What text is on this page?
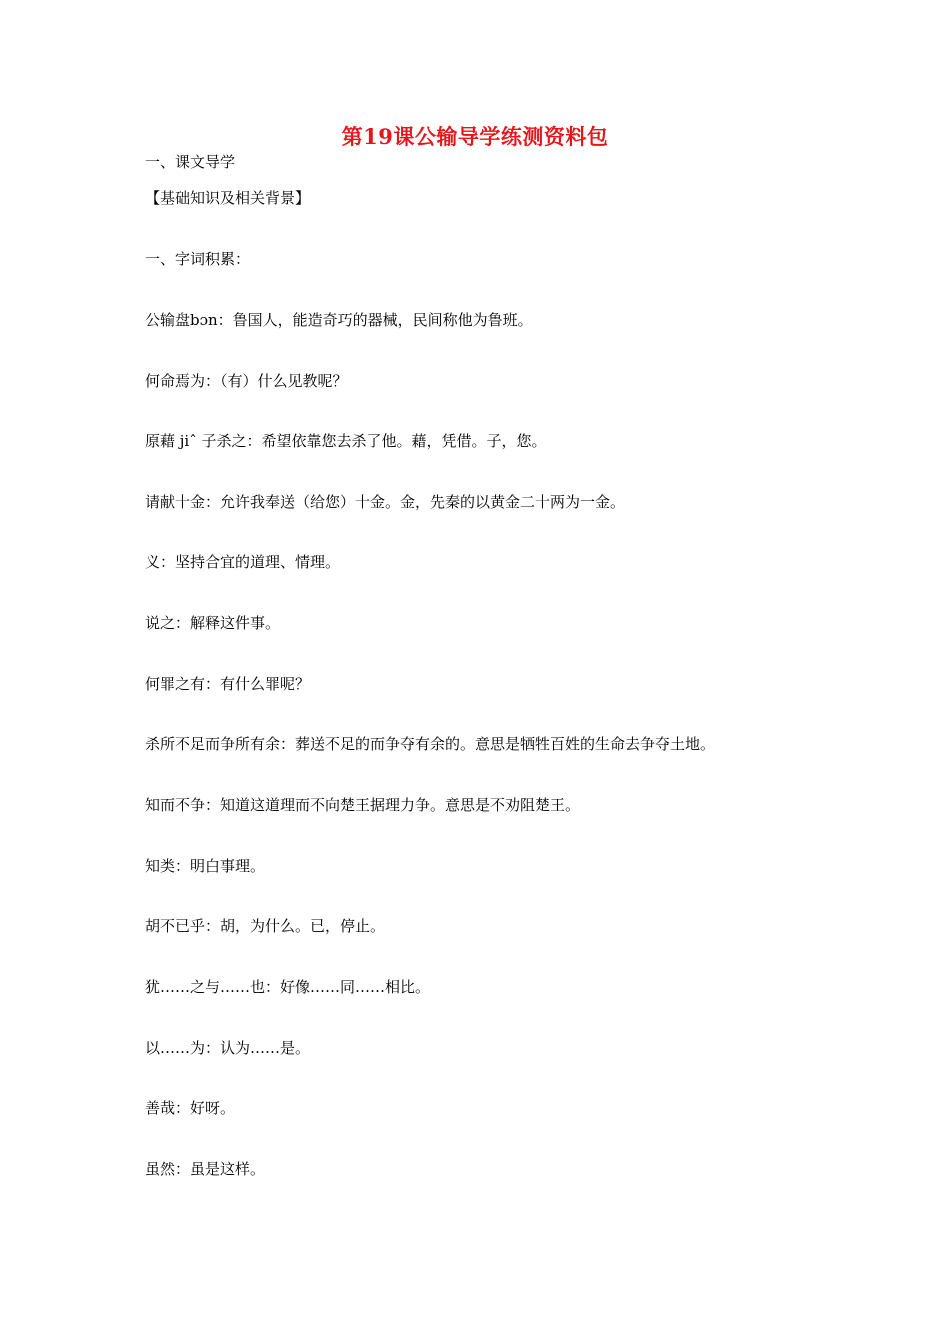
第19课公输导学练测资料包
一、课文导学
【基础知识及相关背景】
一、字词积累：
公输盘bɔn：鲁国人，能造奇巧的器械，民间称他为鲁班。
何命焉为：（有）什么见教呢？
原藉 jiˆ 子杀之：希望依靠您去杀了他。藉，凭借。子，您。
请献十金：允许我奉送（给您）十金。金，先秦的以黄金二十两为一金。
义：坚持合宜的道理、情理。
说之：解释这件事。
何罪之有：有什么罪呢？
杀所不足而争所有余：葬送不足的而争夺有余的。意思是牺牲百姓的生命去争夺土地。
知而不争：知道这道理而不向楚王据理力争。意思是不劝阻楚王。
知类：明白事理。
胡不已乎：胡，为什么。已，停止。
犹……之与……也：好像……同……相比。
以……为：认为……是。
善哉：好呀。
虽然：虽是这样。
